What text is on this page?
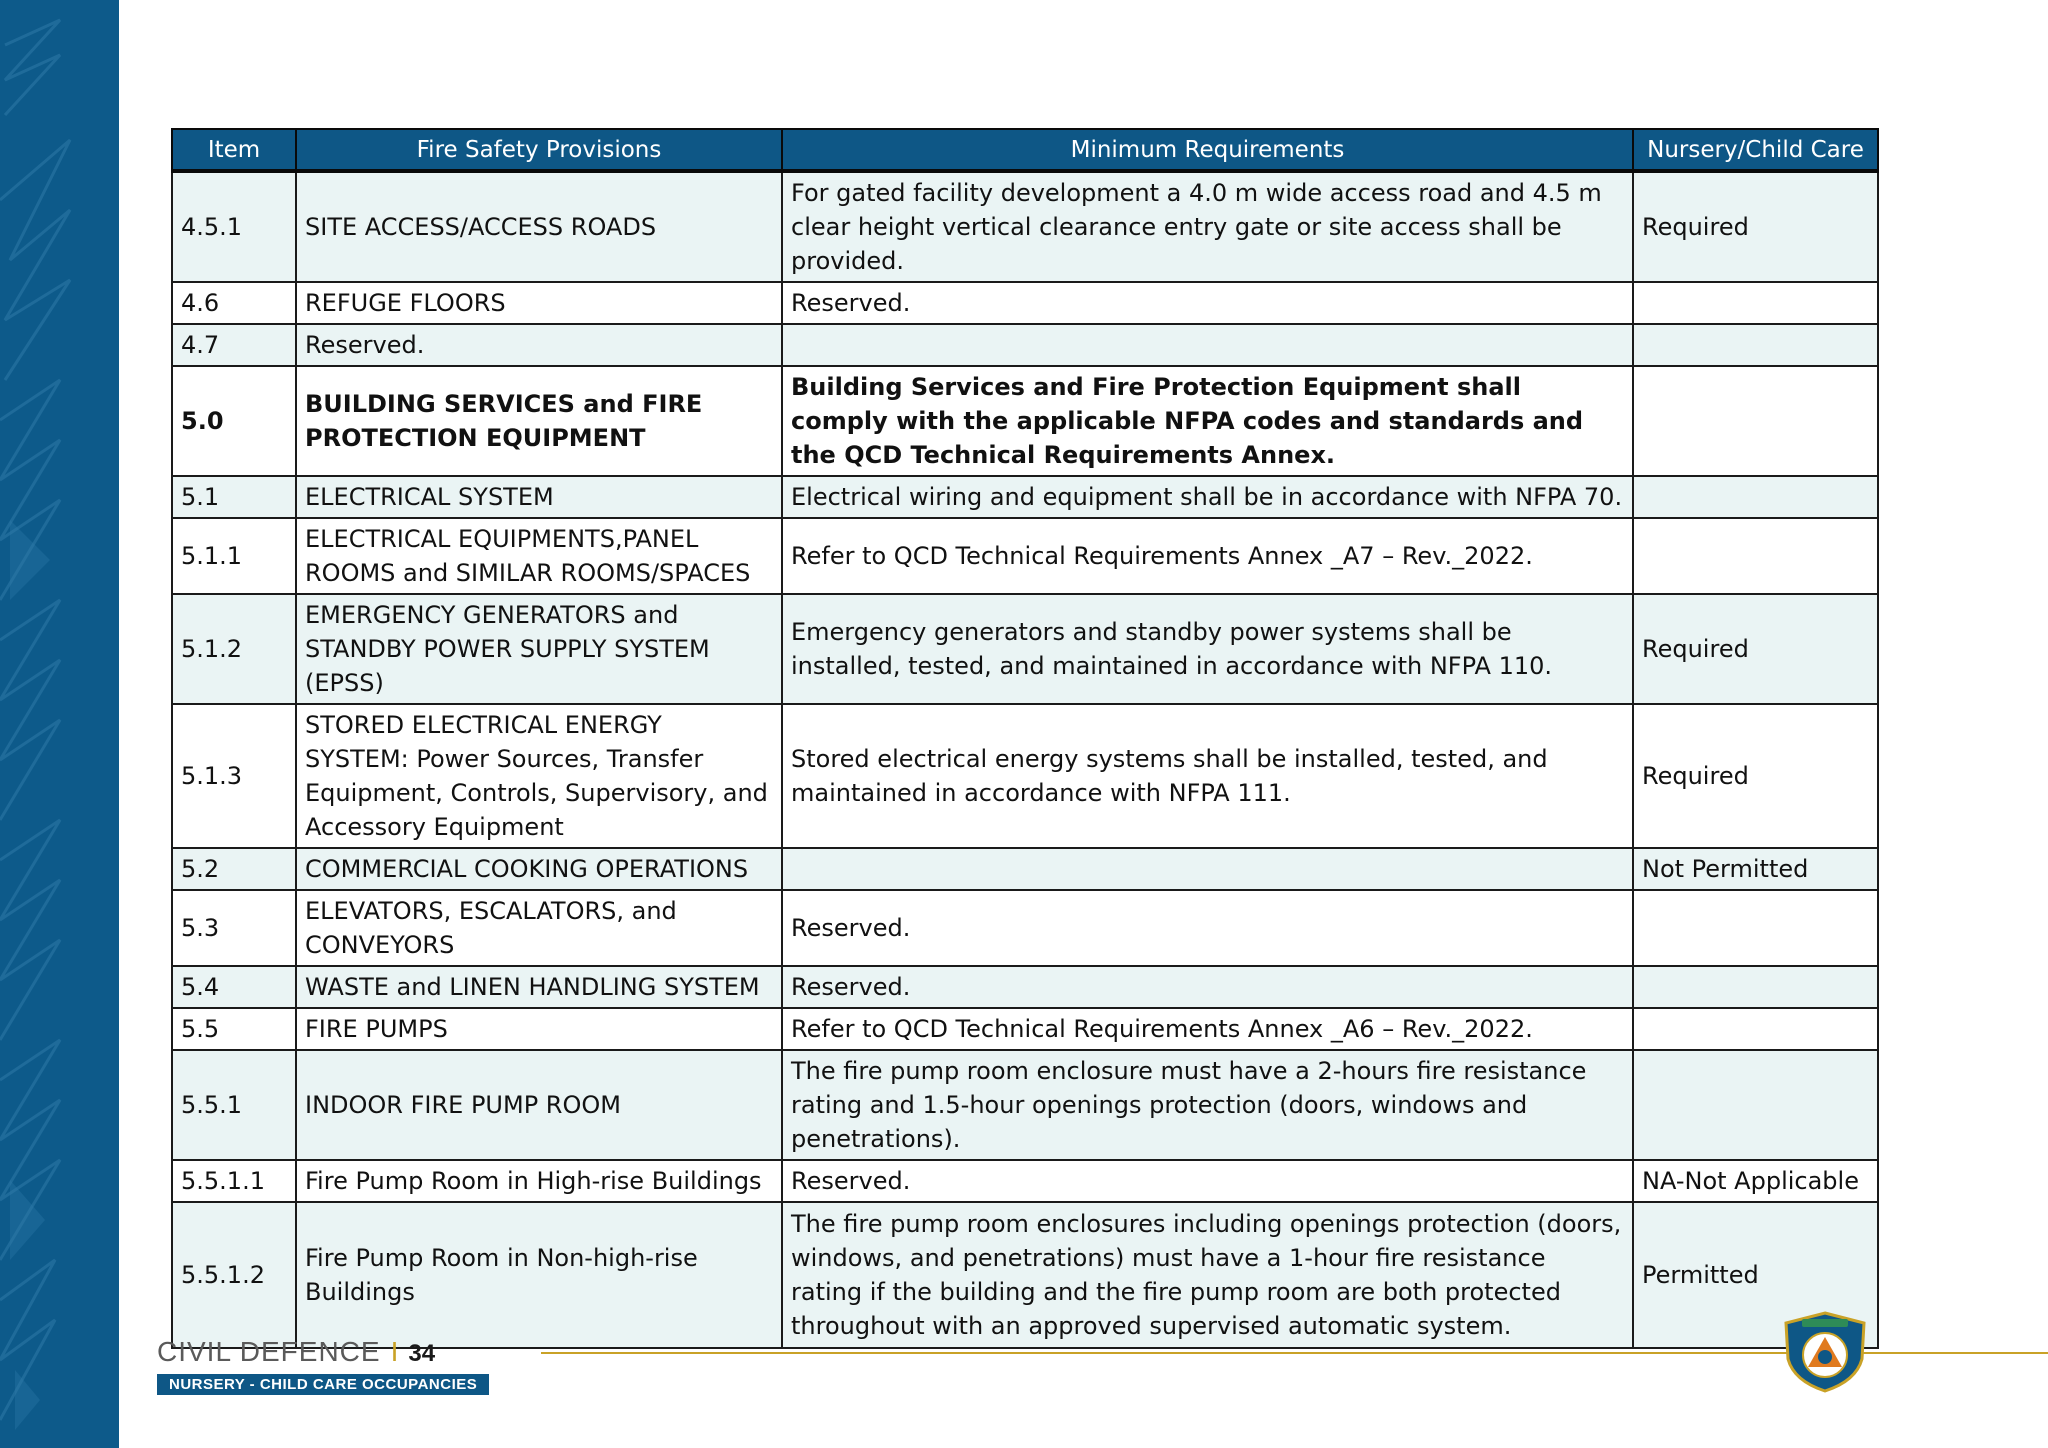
Item	Fire Safety Provisions	Minimum Requirements	Nursery/Child Care
4.5.1	SITE ACCESS/ACCESS ROADS	For gated facility development a 4.0 m wide access road and 4.5 m clear height vertical clearance entry gate or site access shall be provided.	Required
4.6	REFUGE FLOORS	Reserved.	
4.7	Reserved.		
5.0	BUILDING SERVICES and FIRE PROTECTION EQUIPMENT	Building Services and Fire Protection Equipment shall comply with the applicable NFPA codes and standards and the QCD Technical Requirements Annex.	
5.1	ELECTRICAL SYSTEM	Electrical wiring and equipment shall be in accordance with NFPA 70.	
5.1.1	ELECTRICAL EQUIPMENTS,PANEL ROOMS and SIMILAR ROOMS/SPACES	Refer to QCD Technical Requirements Annex _A7 – Rev._2022.	
5.1.2	EMERGENCY GENERATORS and STANDBY POWER SUPPLY SYSTEM (EPSS)	Emergency generators and standby power systems shall be installed, tested, and maintained in accordance with NFPA 110.	Required
5.1.3	STORED ELECTRICAL ENERGY SYSTEM: Power Sources, Transfer Equipment, Controls, Supervisory, and Accessory Equipment	Stored electrical energy systems shall be installed, tested, and maintained in accordance with NFPA 111.	Required
5.2	COMMERCIAL COOKING OPERATIONS		Not Permitted
5.3	ELEVATORS, ESCALATORS, and CONVEYORS	Reserved.	
5.4	WASTE and LINEN HANDLING SYSTEM	Reserved.	
5.5	FIRE PUMPS	Refer to QCD Technical Requirements Annex _A6 – Rev._2022.	
5.5.1	INDOOR FIRE PUMP ROOM	The fire pump room enclosure must have a 2-hours fire resistance rating and 1.5-hour openings protection (doors, windows and penetrations).	
5.5.1.1	Fire Pump Room in High-rise Buildings	Reserved.	NA-Not Applicable
5.5.1.2	Fire Pump Room in Non-high-rise Buildings	The fire pump room enclosures including openings protection (doors, windows, and penetrations) must have a 1-hour fire resistance rating if the building and the fire pump room are both protected throughout with an approved supervised automatic system.	Permitted
CIVIL DEFENCE I 34
NURSERY - CHILD CARE OCCUPANCIES
